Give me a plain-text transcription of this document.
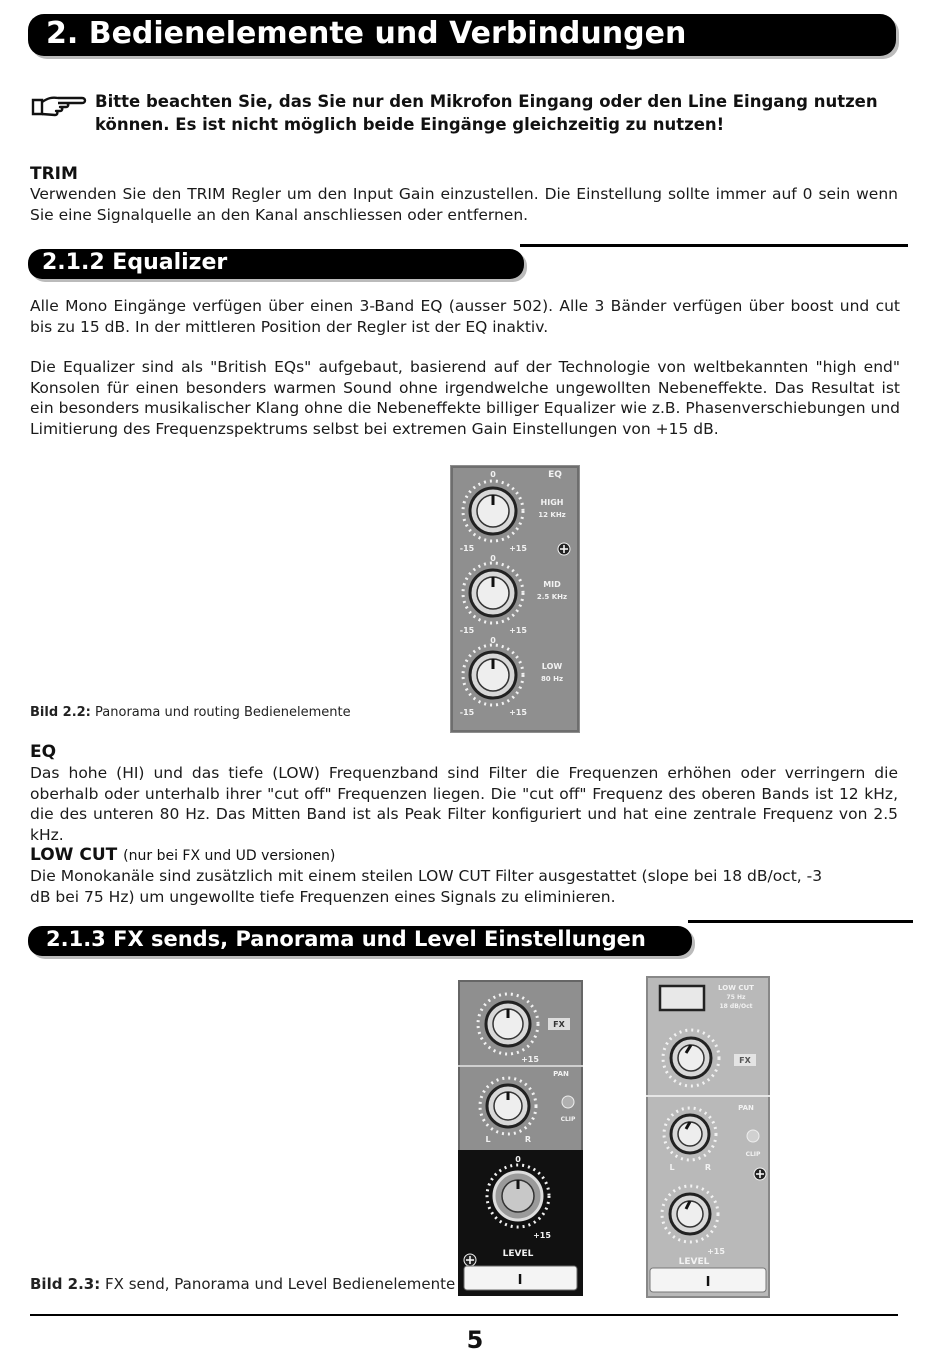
2. Bedienelemente und Verbindungen
Bitte beachten Sie, das Sie nur den Mikrofon Eingang oder den Line Eingang nutzen können. Es ist nicht möglich beide Eingänge gleichzeitig zu nutzen!
TRIM

Verwenden Sie den TRIM Regler um den Input Gain einzustellen. Die Einstellung sollte immer auf 0 sein wenn Sie eine Signalquelle an den Kanal anschliessen oder entfernen.

2.1.2 Equalizer

Alle Mono Eingänge verfügen über einen 3-Band EQ (ausser 502). Alle 3 Bänder verfügen über boost und cut bis zu 15 dB. In der mittleren Position der Regler ist der EQ inaktiv.

Die Equalizer sind als "British EQs" aufgebaut, basierend auf der Technologie von weltbekannten "high end" Konsolen für einen besonders warmen Sound ohne irgendwelche ungewollten Nebeneffekte. Das Resultat ist ein besonders musikalischer Klang ohne die Nebeneffekte billiger Equalizer wie z.B. Phasenverschiebungen und Limitierung des Frequenzspektrums selbst bei extremen Gain Einstellungen von +15 dB.

EQ
0
-15	+15
HIGH
12 KHz
0
-15	+15
MID
2.5 KHz
0
-15	+15
LOW
80 Hz
Bild 2.2: Panorama und routing Bedienelemente
EQ

Das hohe (HI) und das tiefe (LOW) Frequenzband sind Filter die Frequenzen erhöhen oder verringern die oberhalb oder unterhalb ihrer "cut off" Frequenzen liegen. Die "cut off" Frequenz des oberen Bands ist 12 kHz, die des unteren 80 Hz. Das Mitten Band ist als Peak Filter konfiguriert und hat eine zentrale Frequenz von 2.5 kHz.

LOW CUT (nur bei FX und UD versionen)

Die Monokanäle sind zusätzlich mit einem steilen LOW CUT Filter ausgestattet (slope bei 18 dB/oct, -3 dB bei 75 Hz) um ungewollte tiefe Frequenzen eines Signals zu eliminieren.

2.1.3 FX sends, Panorama und Level Einstellungen
FX
+15
PAN
L	R
CLIP
0
+15
LEVEL
I
LOW CUT
75 Hz
18 dB/Oct
FX
PAN
L	R
CLIP
+15
LEVEL
I
Bild 2.3: FX send, Panorama und Level Bedienelemente
5
